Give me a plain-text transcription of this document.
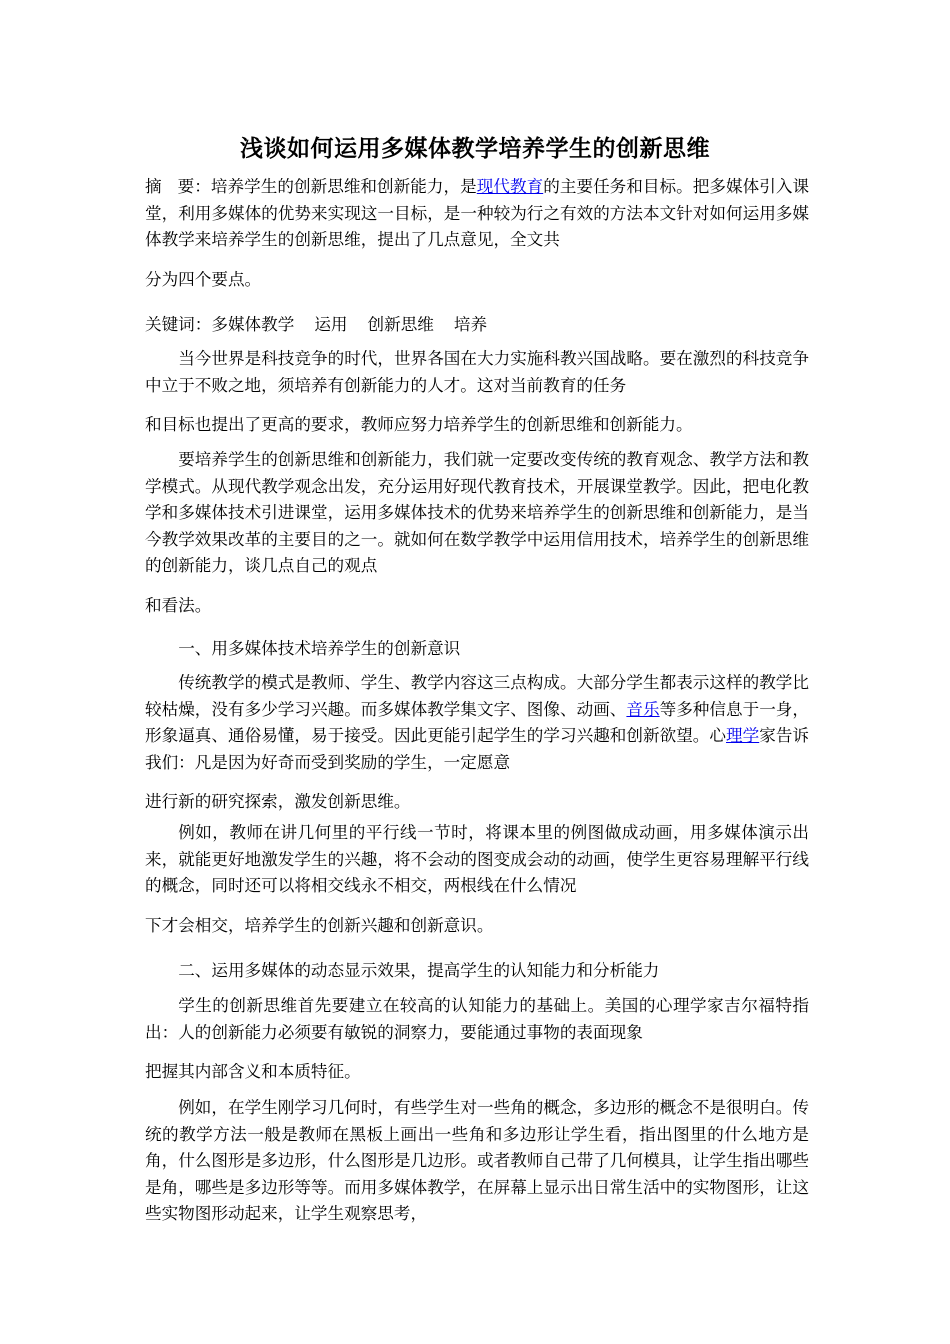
浅谈如何运用多媒体教学培养学生的创新思维

摘 要：培养学生的创新思维和创新能力，是现代教育的主要任务和目标。把多媒体引入课堂，利用多媒体的优势来实现这一目标，是一种较为行之有效的方法本文针对如何运用多媒体教学来培养学生的创新思维，提出了几点意见，全文共
分为四个要点。

关键词：多媒体教学 运用 创新思维 培养

当今世界是科技竞争的时代，世界各国在大力实施科教兴国战略。要在激烈的科技竞争中立于不败之地，须培养有创新能力的人才。这对当前教育的任务
和目标也提出了更高的要求，教师应努力培养学生的创新思维和创新能力。

要培养学生的创新思维和创新能力，我们就一定要改变传统的教育观念、教学方法和教学模式。从现代教学观念出发，充分运用好现代教育技术，开展课堂教学。因此，把电化教学和多媒体技术引进课堂，运用多媒体技术的优势来培养学生的创新思维和创新能力，是当今教学效果改革的主要目的之一。就如何在数学教学中运用信用技术，培养学生的创新思维的创新能力，谈几点自己的观点
和看法。

一、用多媒体技术培养学生的创新意识

传统教学的模式是教师、学生、教学内容这三点构成。大部分学生都表示这样的教学比较枯燥，没有多少学习兴趣。而多媒体教学集文字、图像、动画、音乐等多种信息于一身，形象逼真、通俗易懂，易于接受。因此更能引起学生的学习兴趣和创新欲望。心理学家告诉我们：凡是因为好奇而受到奖励的学生，一定愿意
进行新的研究探索，激发创新思维。

例如，教师在讲几何里的平行线一节时，将课本里的例图做成动画，用多媒体演示出来，就能更好地激发学生的兴趣，将不会动的图变成会动的动画，使学生更容易理解平行线的概念，同时还可以将相交线永不相交，两根线在什么情况
下才会相交，培养学生的创新兴趣和创新意识。

二、运用多媒体的动态显示效果，提高学生的认知能力和分析能力

学生的创新思维首先要建立在较高的认知能力的基础上。美国的心理学家吉尔福特指出：人的创新能力必须要有敏锐的洞察力，要能通过事物的表面现象
把握其内部含义和本质特征。

例如，在学生刚学习几何时，有些学生对一些角的概念，多边形的概念不是很明白。传统的教学方法一般是教师在黑板上画出一些角和多边形让学生看，指出图里的什么地方是角，什么图形是多边形，什么图形是几边形。或者教师自己带了几何模具，让学生指出哪些是角，哪些是多边形等等。而用多媒体教学，在屏幕上显示出日常生活中的实物图形，让这些实物图形动起来，让学生观察思考，
